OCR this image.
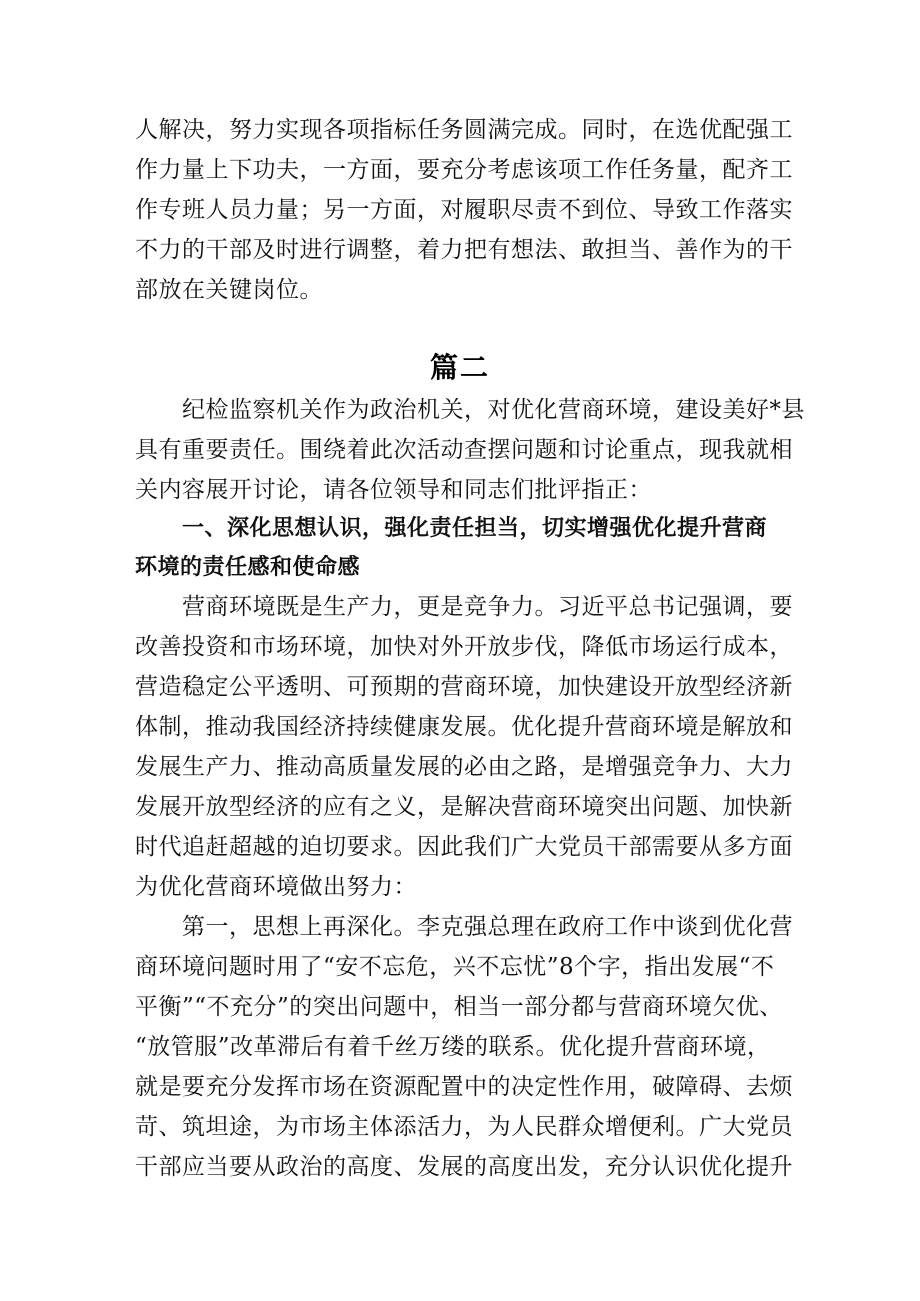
人解决，努力实现各项指标任务圆满完成。同时，在选优配强工
作力量上下功夫，一方面，要充分考虑该项工作任务量，配齐工
作专班人员力量；另一方面，对履职尽责不到位、导致工作落实
不力的干部及时进行调整，着力把有想法、敢担当、善作为的干
部放在关键岗位。
篇二
纪检监察机关作为政治机关，对优化营商环境，建设美好*县
具有重要责任。围绕着此次活动查摆问题和讨论重点，现我就相
关内容展开讨论，请各位领导和同志们批评指正：
一、深化思想认识，强化责任担当，切实增强优化提升营商
环境的责任感和使命感
营商环境既是生产力，更是竞争力。习近平总书记强调，要
改善投资和市场环境，加快对外开放步伐，降低市场运行成本，
营造稳定公平透明、可预期的营商环境，加快建设开放型经济新
体制，推动我国经济持续健康发展。优化提升营商环境是解放和
发展生产力、推动高质量发展的必由之路，是增强竞争力、大力
发展开放型经济的应有之义，是解决营商环境突出问题、加快新
时代追赶超越的迫切要求。因此我们广大党员干部需要从多方面
为优化营商环境做出努力：
第一，思想上再深化。李克强总理在政府工作中谈到优化营
商环境问题时用了“安不忘危，兴不忘忧”8个字，指出发展“不
平衡”“不充分”的突出问题中，相当一部分都与营商环境欠优、
“放管服”改革滞后有着千丝万缕的联系。优化提升营商环境，
就是要充分发挥市场在资源配置中的决定性作用，破障碍、去烦
苛、筑坦途，为市场主体添活力，为人民群众增便利。广大党员
干部应当要从政治的高度、发展的高度出发，充分认识优化提升
